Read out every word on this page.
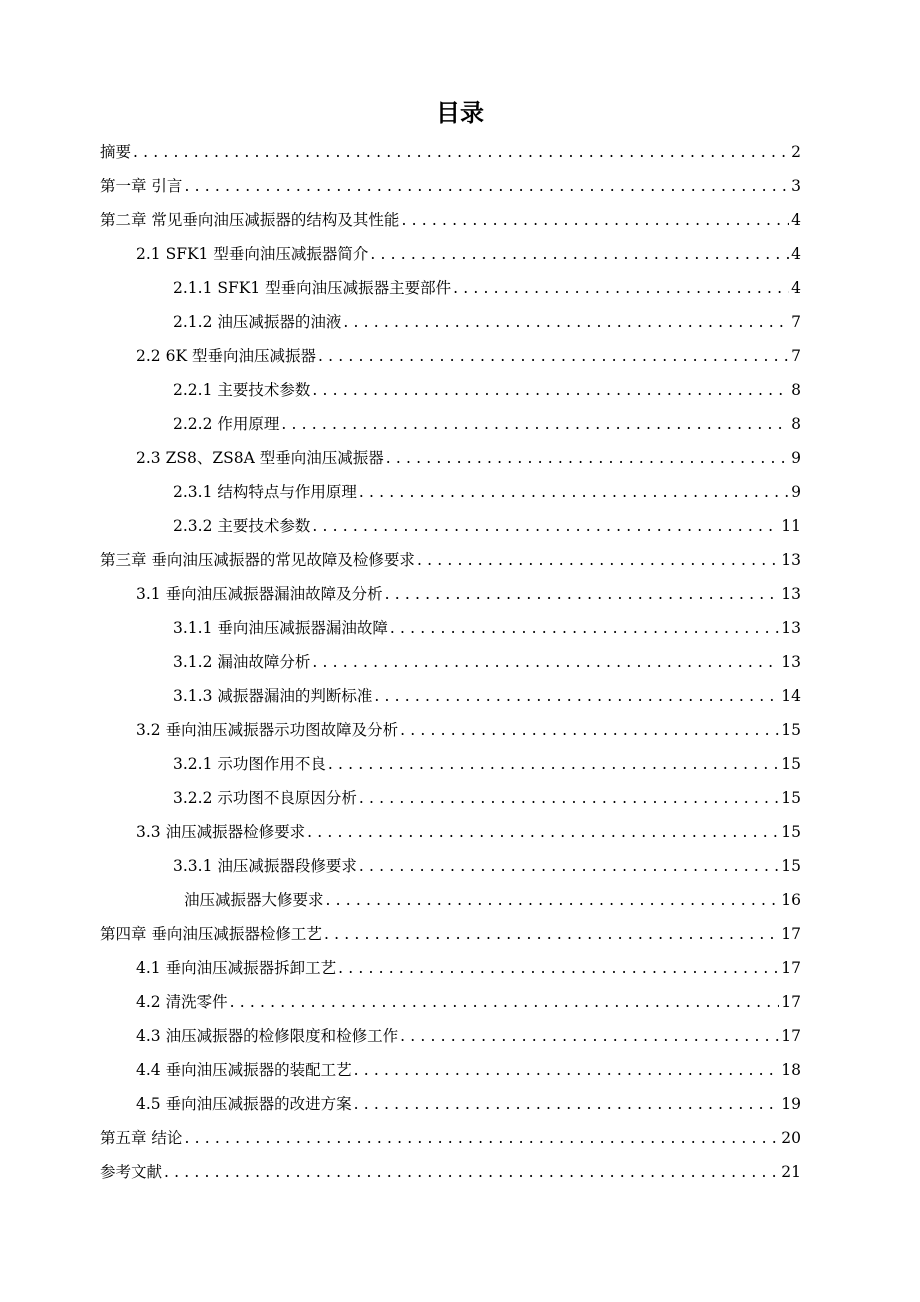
目录
摘要 .....	2
第一章 引言 .....	3
第二章 常见垂向油压减振器的结构及其性能 .....	4
2.1 SFK1 型垂向油压减振器简介 .....	4
2.1.1 SFK1 型垂向油压减振器主要部件 .....	4
2.1.2 油压减振器的油液 .....	7
2.2 6K 型垂向油压减振器 .....	7
2.2.1 主要技术参数 .....	8
2.2.2 作用原理 .....	8
2.3 ZS8、ZS8A 型垂向油压减振器 .....	9
2.3.1 结构特点与作用原理 .....	9
2.3.2 主要技术参数 .....	11
第三章 垂向油压减振器的常见故障及检修要求 .....	13
3.1 垂向油压减振器漏油故障及分析 .....	13
3.1.1 垂向油压减振器漏油故障 .....	13
3.1.2 漏油故障分析 .....	13
3.1.3 减振器漏油的判断标准 .....	14
3.2 垂向油压减振器示功图故障及分析 .....	15
3.2.1 示功图作用不良 .....	15
3.2.2 示功图不良原因分析 .....	15
3.3 油压减振器检修要求 .....	15
3.3.1 油压减振器段修要求 .....	15
油压减振器大修要求 .....	16
第四章 垂向油压减振器检修工艺 .....	17
4.1 垂向油压减振器拆卸工艺 .....	17
4.2 清洗零件 .....	17
4.3 油压减振器的检修限度和检修工作 .....	17
4.4 垂向油压减振器的装配工艺 .....	18
4.5 垂向油压减振器的改进方案 .....	19
第五章 结论 .....	20
参考文献 .....	21
